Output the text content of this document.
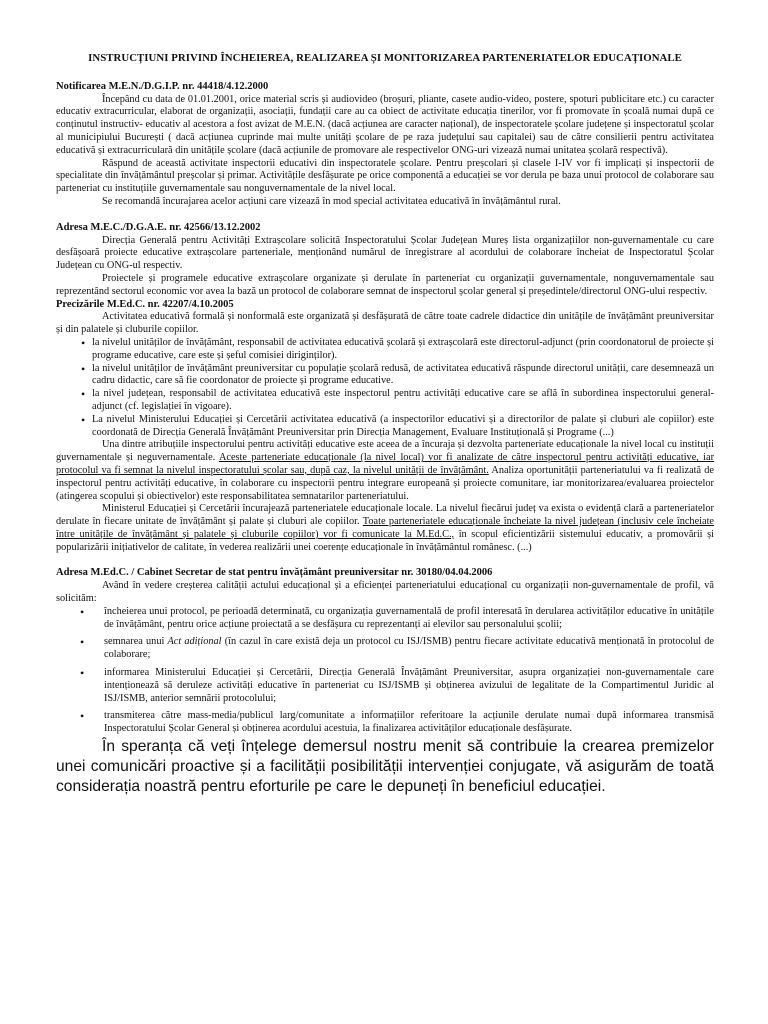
INSTRUCȚIUNI PRIVIND ÎNCHEIEREA, REALIZAREA ȘI MONITORIZAREA PARTENERIATELOR EDUCAȚIONALE
Notificarea M.E.N./D.G.I.P. nr. 44418/4.12.2000

Începând cu data de 01.01.2001, orice material scris și audiovideo (broșuri, pliante, casete audio-video, postere, spoturi publicitare etc.) cu caracter educativ extracurricular, elaborat de organizații, asociații, fundații care au ca obiect de activitate educația tinerilor, vor fi promovate în școală numai după ce conținutul instructiv- educativ al acestora a fost avizat de M.E.N. (dacă acțiunea are caracter național), de inspectoratele școlare județene și inspectoratul școlar al municipiului București ( dacă acțiunea cuprinde mai multe unități școlare de pe raza județului sau capitalei) sau de către consilierii pentru activitatea educativă și extracurriculară din unitățile școlare (dacă acțiunile de promovare ale respectivelor ONG-uri vizează numai unitatea școlară respectivă).

Răspund de această activitate inspectorii educativi din inspectoratele școlare. Pentru preșcolari și clasele I-IV vor fi implicați și inspectorii de specialitate din învățământul preșcolar și primar. Activitățile desfășurate pe orice componentă a educației se vor derula pe baza unui protocol de colaborare sau parteneriat cu instituțiile guvernamentale sau nonguvernamentale de la nivel local.

Se recomandă încurajarea acelor acțiuni care vizează în mod special activitatea educativă în învățământul rural.

Adresa M.E.C./D.G.A.E. nr. 42566/13.12.2002

Direcția Generală pentru Activități Extrașcolare solicită Inspectoratului Școlar Județean Mureș lista organizațiilor non-guvernamentale cu care desfășoară proiecte educative extrașcolare parteneriale, menționând numărul de înregistrare al acordului de colaborare încheiat de Inspectoratul Școlar Județean cu ONG-ul respectiv.

Proiectele și programele educative extrașcolare organizate și derulate în parteneriat cu organizații guvernamentale, nonguvernamentale sau reprezentând sectorul economic vor avea la bază un protocol de colaborare semnat de inspectorul școlar general și președintele/directorul ONG-ului respectiv.

Precizările M.Ed.C. nr. 42207/4.10.2005

Activitatea educativă formală și nonformală este organizată și desfășurată de către toate cadrele didactice din unitățile de învățământ preuniversitar și din palatele și cluburile copiilor.

• la nivelul unităților de învățământ, responsabil de activitatea educativă școlară și extrașcolară este directorul-adjunct (prin coordonatorul de proiecte și programe educative, care este și șeful comisiei diriginților).
• la nivelul unităților de învățământ preuniversitar cu populație școlară redusă, de activitatea educativă răspunde directorul unității, care desemnează un cadru didactic, care să fie coordonator de proiecte și programe educative.
• la nivel județean, responsabil de activitatea educativă este inspectorul pentru activități educative care se află în subordinea inspectorului general-adjunct (cf. legislației în vigoare).
• La nivelul Ministerului Educației și Cercetării activitatea educativă (a inspectorilor educativi și a directorilor de palate și cluburi ale copiilor) este coordonată de Direcția Generală Învățământ Preuniversitar prin Direcția Management, Evaluare Instituțională și Programe (...)

Una dintre atribuțiile inspectorului pentru activități educative este aceea de a încuraja și dezvolta parteneriate educaționale la nivel local cu instituții guvernamentale și neguvernamentale. Aceste parteneriate educaționale (la nivel local) vor fi analizate de către inspectorul pentru activități educative, iar protocolul va fi semnat la nivelul inspectoratului școlar sau, după caz, la nivelul unității de învățământ. Analiza oportunității parteneriatului va fi realizată de inspectorul pentru activități educative, în colaborare cu inspectorii pentru integrare europeană și proiecte comunitare, iar monitorizarea/evaluarea proiectelor (atingerea scopului și obiectivelor) este responsabilitatea semnatarilor parteneriatului.

Ministerul Educației și Cercetării încurajează parteneriatele educaționale locale. La nivelul fiecărui județ va exista o evidență clară a parteneriatelor derulate în fiecare unitate de învățământ și palate și cluburi ale copiilor. Toate parteneriatele educaționale încheiate la nivel județean (inclusiv cele încheiate între unitățile de învățământ și palatele și cluburile copiilor) vor fi comunicate la M.Ed.C., în scopul eficientizării sistemului educativ, a promovării și popularizării inițiativelor de calitate, în vederea realizării unei coerențe educaționale în învățământul românesc. (...)

Adresa M.Ed.C. / Cabinet Secretar de stat pentru învățământ preuniversitar nr. 30180/04.04.2006

Având în vedere creșterea calității actului educațional și a eficienței parteneriatului educațional cu organizații non-guvernamentale de profil, vă solicităm:

• încheierea unui protocol, pe perioadă determinată, cu organizația guvernamentală de profil interesată în derularea activităților educative în unitățile de învățământ, pentru orice acțiune proiectată a se desfășura cu reprezentanți ai elevilor sau personalului școlii;
• semnarea unui Act adițional (în cazul în care există deja un protocol cu ISJ/ISMB) pentru fiecare activitate educativă menționată în protocolul de colaborare;
• informarea Ministerului Educației și Cercetării, Direcția Generală Învățământ Preuniversitar, asupra organizației non-guvernamentale care intenționează să deruleze activități educative în parteneriat cu ISJ/ISMB și obținerea avizului de legalitate de la Compartimentul Juridic al ISJ/ISMB, anterior semnării protocolului;
• transmiterea către mass-media/publicul larg/comunitate a informațiilor referitoare la acțiunile derulate numai după informarea transmisă Inspectoratului Școlar General și obținerea acordului acestuia, la finalizarea activităților educaționale desfășurate.

În speranța că veți înțelege demersul nostru menit să contribuie la crearea premizelor unei comunicări proactive și a facilității posibilității intervenției conjugate, vă asigurăm de toată considerația noastră pentru eforturile pe care le depuneți în beneficiul educației.
